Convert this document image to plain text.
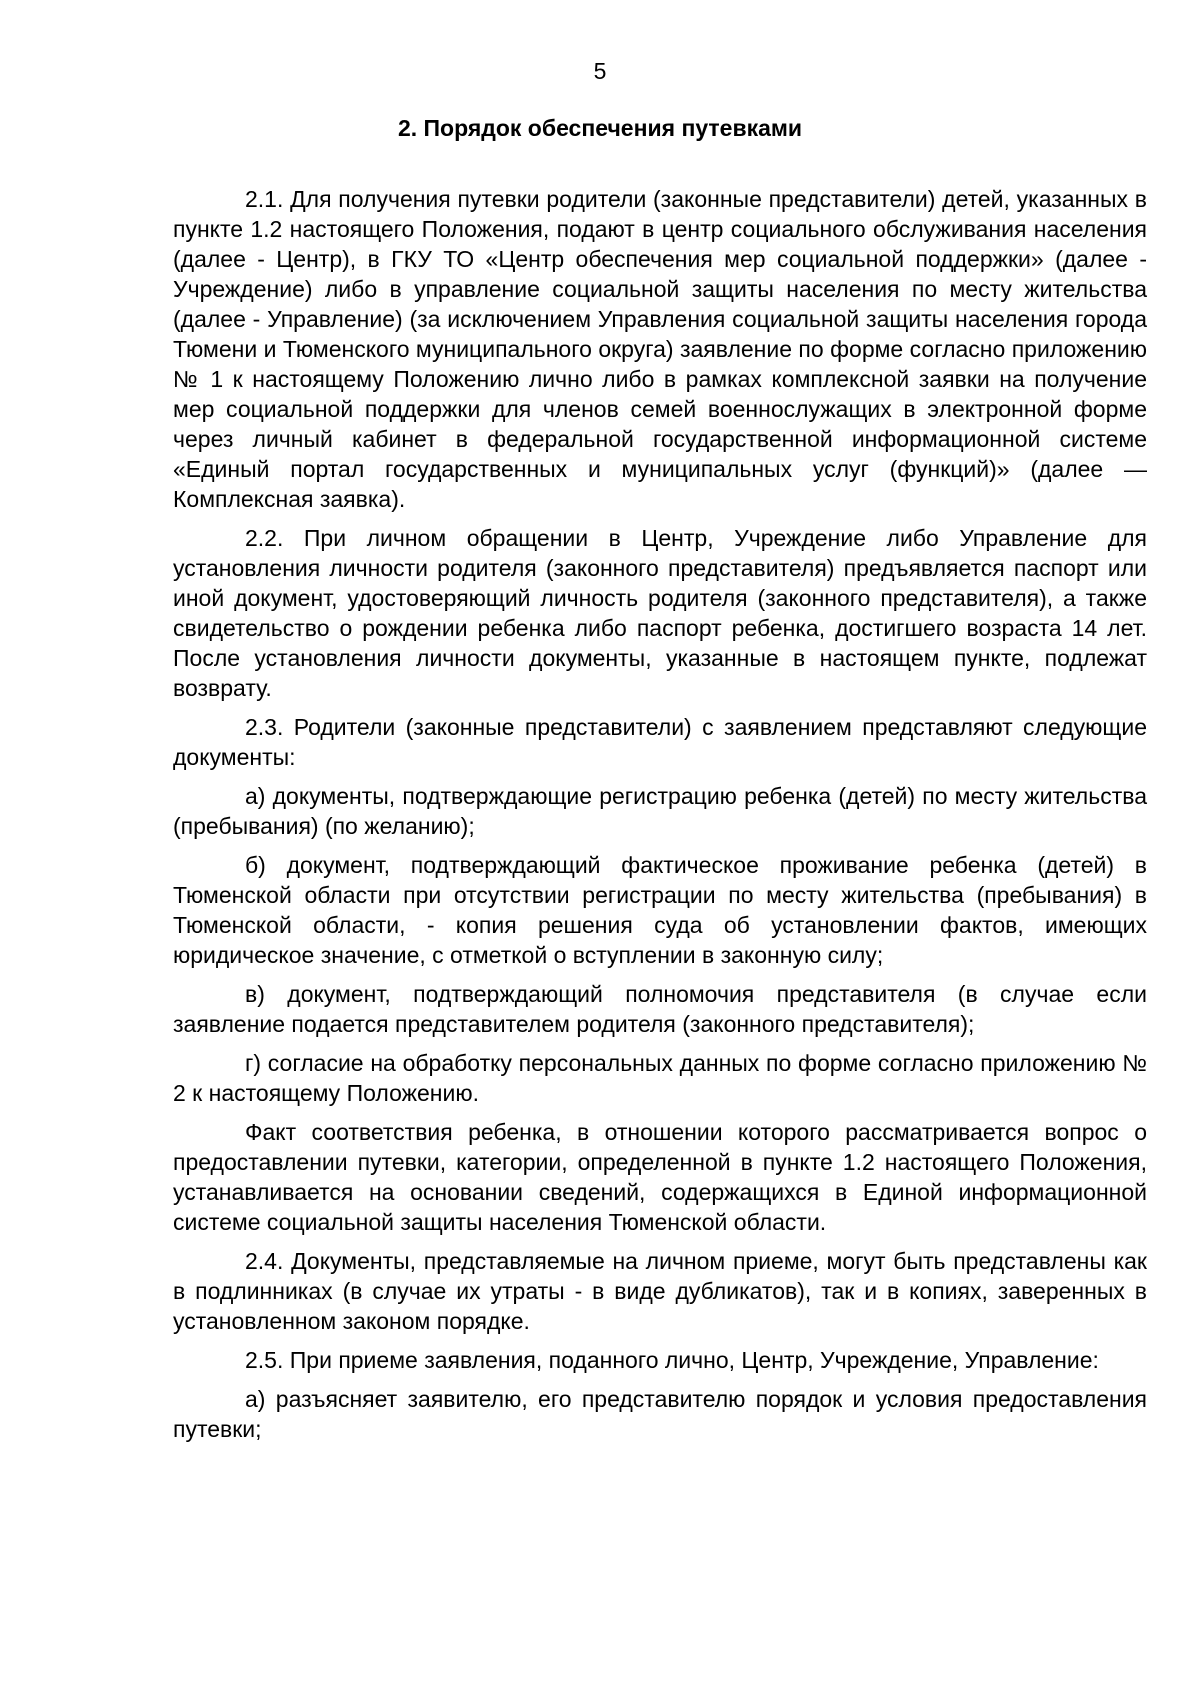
5
2. Порядок обеспечения путевками

2.1. Для получения путевки родители (законные представители) детей, указанных в пункте 1.2 настоящего Положения, подают в центр социального обслуживания населения (далее - Центр), в ГКУ ТО «Центр обеспечения мер социальной поддержки» (далее - Учреждение) либо в управление социальной защиты населения по месту жительства (далее - Управление) (за исключением Управления социальной защиты населения города Тюмени и Тюменского муниципального округа) заявление по форме согласно приложению № 1 к настоящему Положению лично либо в рамках комплексной заявки на получение мер социальной поддержки для членов семей военнослужащих в электронной форме через личный кабинет в федеральной государственной информационной системе «Единый портал государственных и муниципальных услуг (функций)» (далее — Комплексная заявка).

2.2. При личном обращении в Центр, Учреждение либо Управление для установления личности родителя (законного представителя) предъявляется паспорт или иной документ, удостоверяющий личность родителя (законного представителя), а также свидетельство о рождении ребенка либо паспорт ребенка, достигшего возраста 14 лет. После установления личности документы, указанные в настоящем пункте, подлежат возврату.

2.3. Родители (законные представители) с заявлением представляют следующие документы:

а) документы, подтверждающие регистрацию ребенка (детей) по месту жительства (пребывания) (по желанию);

б) документ, подтверждающий фактическое проживание ребенка (детей) в Тюменской области при отсутствии регистрации по месту жительства (пребывания) в Тюменской области, - копия решения суда об установлении фактов, имеющих юридическое значение, с отметкой о вступлении в законную силу;

в) документ, подтверждающий полномочия представителя (в случае если заявление подается представителем родителя (законного представителя);

г) согласие на обработку персональных данных по форме согласно приложению № 2 к настоящему Положению.

Факт соответствия ребенка, в отношении которого рассматривается вопрос о предоставлении путевки, категории, определенной в пункте 1.2 настоящего Положения, устанавливается на основании сведений, содержащихся в Единой информационной системе социальной защиты населения Тюменской области.

2.4. Документы, представляемые на личном приеме, могут быть представлены как в подлинниках (в случае их утраты - в виде дубликатов), так и в копиях, заверенных в установленном законом порядке.

2.5. При приеме заявления, поданного лично, Центр, Учреждение, Управление:

а) разъясняет заявителю, его представителю порядок и условия предоставления путевки;
